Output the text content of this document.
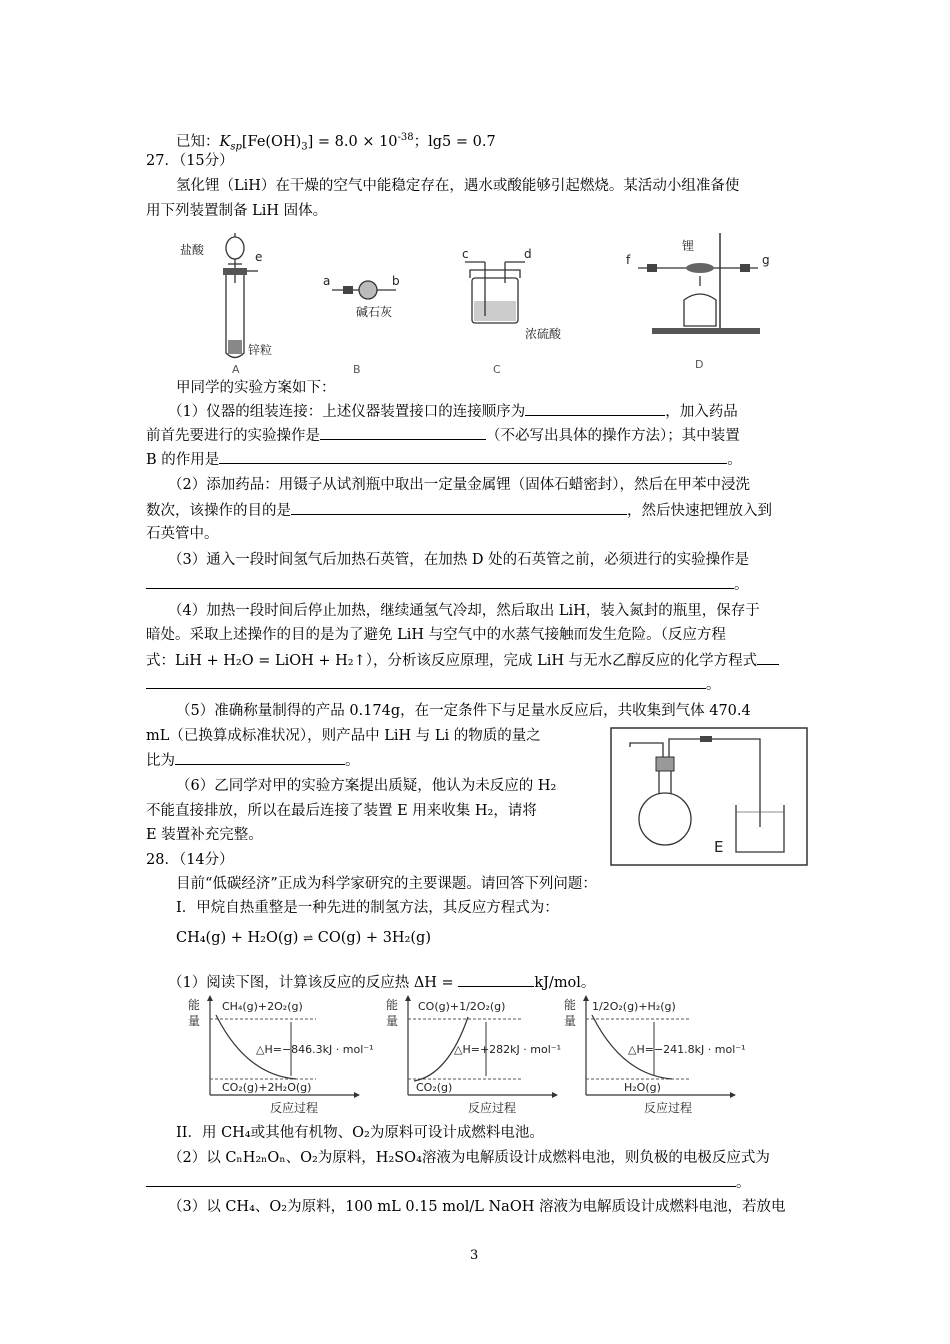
已知：$K_{sp}[Fe(OH)_3] = 8.0 \times 10^{-38}$；lg5 = 0.7
27．（15分）
氢化锂（LiH）在干燥的空气中能稳定存在，遇水或酸能够引起燃烧。某活动小组准备使
用下列装置制备 LiH 固体。
盐酸	e
锌粒
A
a	b
碱石灰
B
c	d
浓硫酸
C
锂
f	g
D
甲同学的实验方案如下：
（1）仪器的组装连接：上述仪器装置接口的连接顺序为	，加入药品
前首先要进行的实验操作是	（不必写出具体的操作方法）；其中装置
B 的作用是	。
（2）添加药品：用镊子从试剂瓶中取出一定量金属锂（固体石蜡密封），然后在甲苯中浸洗
数次，该操作的目的是	，然后快速把锂放入到
石英管中。
（3）通入一段时间氢气后加热石英管，在加热 D 处的石英管之前，必须进行的实验操作是
。
（4）加热一段时间后停止加热，继续通氢气冷却，然后取出 LiH，装入氮封的瓶里，保存于
暗处。采取上述操作的目的是为了避免 LiH 与空气中的水蒸气接触而发生危险。（反应方程
式：LiH + H₂O = LiOH + H₂↑），分析该反应原理，完成 LiH 与无水乙醇反应的化学方程式
。
（5）准确称量制得的产品 0.174g，在一定条件下与足量水反应后，共收集到气体 470.4
mL（已换算成标准状况），则产品中 LiH 与 Li 的物质的量之
比为	。
（6）乙同学对甲的实验方案提出质疑，他认为未反应的 H₂
不能直接排放，所以在最后连接了装置 E 用来收集 H₂，请将
E 装置补充完整。
E
28．（14分）
目前“低碳经济”正成为科学家研究的主要课题。请回答下列问题：
I．甲烷自热重整是一种先进的制氢方法，其反应方程式为：
CH₄(g) + H₂O(g) ⇌ CO(g) + 3H₂(g)
（1）阅读下图，计算该反应的反应热 ΔH =	kJ/mol。
能
量
CH₄(g)+2O₂(g)
CO₂(g)+2H₂O(g)
△H=−846.3kJ · mol⁻¹
反应过程
能
量
CO(g)+1/2O₂(g)
CO₂(g)
△H=+282kJ · mol⁻¹
反应过程
能
量
1/2O₂(g)+H₂(g)
H₂O(g)
△H=−241.8kJ · mol⁻¹
反应过程
II．用 CH₄或其他有机物、O₂为原料可设计成燃料电池。
（2）以 CₙH₂ₙOₙ、O₂为原料，H₂SO₄溶液为电解质设计成燃料电池，则负极的电极反应式为
。
（3）以 CH₄、O₂为原料，100 mL 0.15 mol/L NaOH 溶液为电解质设计成燃料电池，若放电
3
